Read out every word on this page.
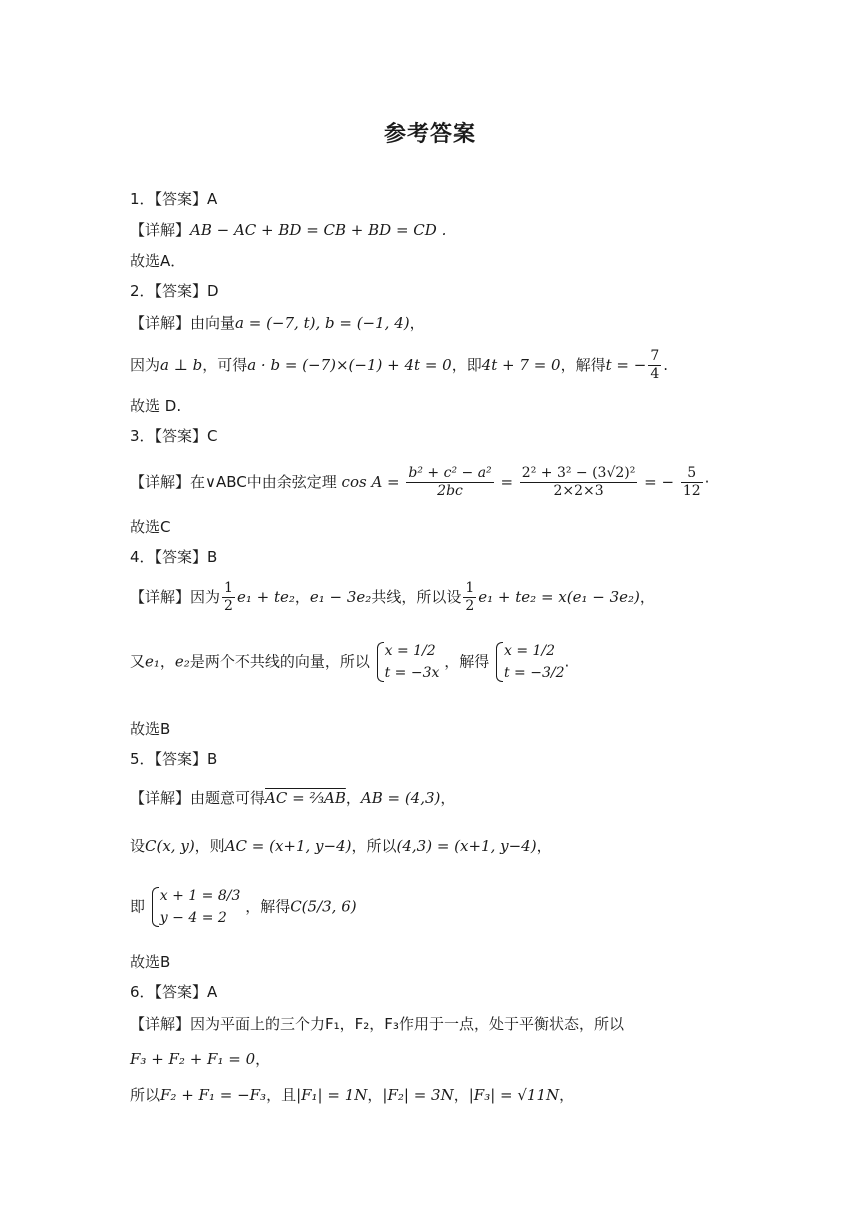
参考答案
1．【答案】A
【详解】AB − AC + BD = CB + BD = CD .
故选A．
2．【答案】D
【详解】由向量a = (−7, t), b = (−1, 4)，
因为a ⊥ b，可得a · b = (−7)×(−1) + 4t = 0，即4t + 7 = 0，解得t = − $\frac{7}{4}$ .
故选 D.
3．【答案】C
【详解】在∨ABC中由余弦定理 $\cos A = \frac{\text{b² + c² − a²}}{2bc} = \frac{\text{2² + 3² − (3√2)²}}{2\times 2\times 3}$ = − $\frac{5}{12}$ ·
故选C
4．【答案】B
【详解】因为 $\frac{1}{2} e_1 + te_2$，e₁ − 3e₂共线，所以设 $\frac{1}{2} e_1 + te_2 = x(e_1 - 3e_2)$，
又e₁，e₂是两个不共线的向量，所以
x = 1/2
t = −3x
，解得
x = 1/2
t = −3/2
.
故选B
5．【答案】B
【详解】由题意可得AC = ⅔AB，AB = (4,3)，
设C(x, y)，则AC = (x+1, y−4)，所以(4,3) = (x+1, y−4)，
即
x + 1 = 8/3
y − 4 = 2
，解得C(5/3, 6)
故选B
6．【答案】A
【详解】因为平面上的三个力F₁，F₂，F₃作用于一点，处于平衡状态，所以
F₃ + F₂ + F₁ = 0，
所以F₂ + F₁ = −F₃，且|F₁| = 1N，|F₂| = 3N，|F₃| = √11N，
